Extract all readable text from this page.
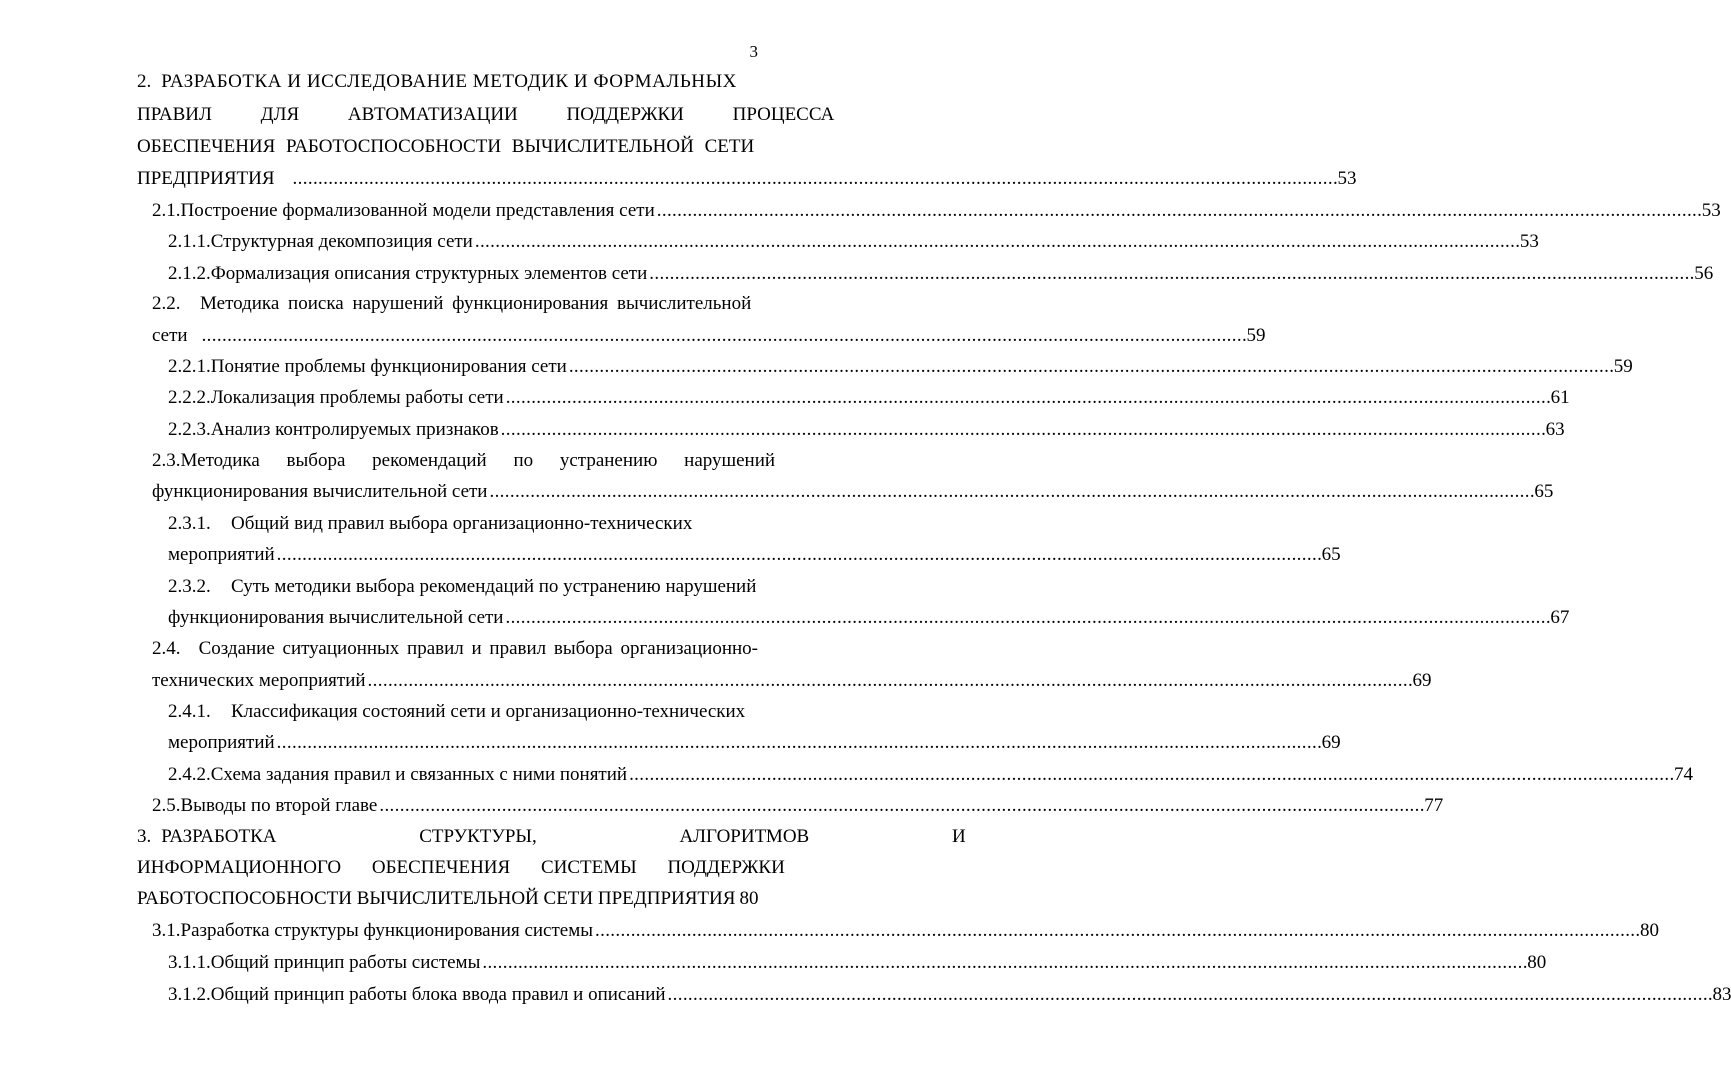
3
2. РАЗРАБОТКА И ИССЛЕДОВАНИЕ МЕТОДИК И ФОРМАЛЬНЫХ
ПРАВИЛ ДЛЯ АВТОМАТИЗАЦИИ ПОДДЕРЖКИ ПРОЦЕССА
ОБЕСПЕЧЕНИЯ РАБОТОСПОСОБНОСТИ ВЫЧИСЛИТЕЛЬНОЙ СЕТИ
ПРЕДПРИЯТИЯ . . .	53
2.1. Построение формализованной модели представления сети . . .	53
2.1.1. Структурная декомпозиция сети . . .	53
2.1.2. Формализация описания структурных элементов сети . . .	56
2.2.	Методика поиска нарушений функционирования вычислительной
сети . . .	59
2.2.1. Понятие проблемы функционирования сети . . .	59
2.2.2. Локализация проблемы работы сети . . .	61
2.2.3. Анализ контролируемых признаков . . .	63
2.3. Методика выбора рекомендаций по устранению нарушений
функционирования вычислительной сети . . .	65
2.3.1.	Общий вид правил выбора организационно-технических
мероприятий . . .	65
2.3.2.	Суть методики выбора рекомендаций по устранению нарушений
функционирования вычислительной сети . . .	67
2.4. Создание ситуационных правил и правил выбора организационно-
технических мероприятий . . .	69
2.4.1.	Классификация состояний сети и организационно-технических
мероприятий . . .	69
2.4.2. Схема задания правил и связанных с ними понятий . . .	74
2.5. Выводы по второй главе . . .	77
3. РАЗРАБОТКА СТРУКТУРЫ, АЛГОРИТМОВ И
ИНФОРМАЦИОННОГО ОБЕСПЕЧЕНИЯ СИСТЕМЫ ПОДДЕРЖКИ
РАБОТОСПОСОБНОСТИ ВЫЧИСЛИТЕЛЬНОЙ СЕТИ ПРЕДПРИЯТИЯ 80
3.1. Разработка структуры функционирования системы . . .	80
3.1.1. Общий принцип работы системы . . .	80
3.1.2. Общий принцип работы блока ввода правил и описаний . . .	83
